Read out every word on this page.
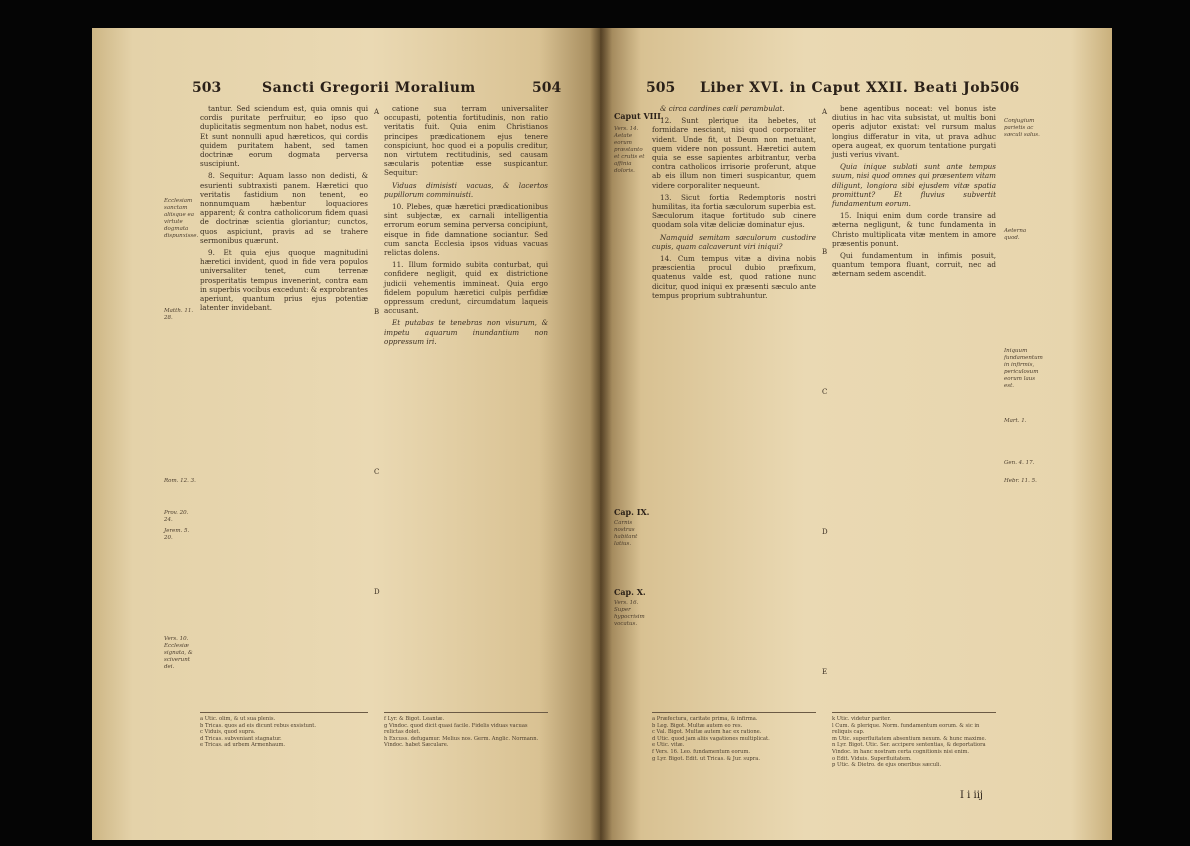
503	Sancti Gregorii Moralium	504
Ecclesiam sanctam aliisque ea virtute dogmata dispunxisse.
Matth. 11. 28.
Rom. 12. 3.
Prov. 20. 24.
Jerem. 5. 20.
Vers. 10. Ecclesiæ signata, & sciverunt dei.

tantur. Sed sciendum est, quia omnis qui cordis puritate perfruitur, eo ipso quo duplicitatis segmentum non habet, nodus est. Et sunt nonnulli apud hæreticos, qui cordis quidem puritatem habent, sed tamen doctrinæ eorum dogmata perversa suscipiunt.

8. Sequitur: Aquam lasso non dedisti, & esurienti subtraxisti panem. Hæretici quo veritatis fastidium non tenent, eo nonnumquam hæbentur loquaciores apparent; & contra catholicorum fidem quasi de doctrinæ scientia gloriantur; cunctos, quos aspiciunt, pravis ad se trahere sermonibus quærunt.

9. Et quia ejus quoque magnitudini hæretici invident, quod in fide vera populos universaliter tenet, cum terrenæ prosperitatis tempus invenerint, contra eam in superbis vocibus excedunt: & exprobrantes aperiunt, quantum prius ejus potentiæ latenter invidebant.

catione sua terram universaliter occupasti, potentia fortitudinis, non ratio veritatis fuit. Quia enim Christianos principes prædicationem ejus tenere conspiciunt, hoc quod ei a populis creditur, non virtutem rectitudinis, sed causam sæcularis potentiæ esse suspicantur. Sequitur:

Viduas dimisisti vacuas, & lacertos pupillorum comminuisti.

10. Plebes, quæ hæretici prædicationibus sint subjectæ, ex carnali intelligentia errorum eorum semina perversa concipiunt, eisque in fide damnatione sociantur. Sed cum sancta Ecclesia ipsos viduas vacuas relictas dolens.

11. Illum formido subita conturbat, qui confidere negligit, quid ex districtione judicii vehementis immineat. Quia ergo fidelem populum hæretici culpis perfidiæ oppressum credunt, circumdatum laqueis accusant.

Et putabas te tenebras non visurum, & impetu aquarum inundantium non oppressum iri.

A
B
C
D
a Utic. olim, & ut sua plenis.
b Tricas. quos ad eis dicunt rebus exsistunt.
c Viduis, quod supra.
d Tricas. subveniant stagnatur.
e Tricas. ad urbem Armenhaum.
f Lyr. & Bigot. Leantæ.
g Vindoc. quod dicit quasi facile. Fidelis viduas vacuas relictas dolet.
h Excuss. defugamur. Melius nos. Germ. Anglic. Normann. Vindoc. habet Sæculare.
505 Liber XVI. in Caput XXII. Beati Job.
506
Caput VIII.
Vers. 14. Aetate eorum præstanto et crutis et affinia doloris.
Cap. IX.
Carnis nostras habitant latius.
Cap. X.
Vers. 16. Super hypocrisim vocatus.

& circa cardines cæli perambulat.

12. Sunt plerique ita hebetes, ut formidare nesciant, nisi quod corporaliter vident. Unde fit, ut Deum non metuant, quem videre non possunt. Hæretici autem quia se esse sapientes arbitrantur, verba contra catholicos irrisorie proferunt, atque ab eis illum non timeri suspicantur, quem videre corporaliter nequeunt.

13. Sicut fortia Redemptoris nostri humilitas, ita fortia sæculorum superbia est. Sæculorum itaque fortitudo sub cinere quodam sola vitæ deliciæ dominatur ejus.

Namquid semitam sæculorum custodire cupis, quam calcaverunt viri iniqui?

14. Cum tempus vitæ a divina nobis præscientia procul dubio præfixum, quatenus valde est, quod ratione nunc dicitur, quod iniqui ex præsenti sæculo ante tempus proprium subtrahuntur.

A
B
C
D
E

bene agentibus noceat: vel bonus iste diutius in hac vita subsistat, ut multis boni operis adjutor existat: vel rursum malus longius differatur in vita, ut prava adhuc opera augeat, ex quorum tentatione purgati justi verius vivant.

Quia inique sublati sunt ante tempus suum, nisi quod omnes qui præsentem vitam diligunt, longiora sibi ejusdem vitæ spatia promittunt? Et fluvius subvertit fundamentum eorum.

15. Iniqui enim dum corde transire ad æterna negligunt, & tunc fundamenta in Christo multiplicata vitæ mentem in amore præsentis ponunt.

Qui fundamentum in infimis posuit, quantum tempora fluant, corruit, nec ad æternam sedem ascendit.

Conjugium parietis ac sæculi salus.
Aeterna quod.
Iniquum fundamentum in infirmis, periculosum eorum laus est.
Mart. 1.
Gen. 4. 17.
Hebr. 11. 5.
a Præfectura, caritate prima, & infirma.
b Leg. Bigot. Multæ autem eo res.
c Val. Bigot. Multæ autem hac ex ratione.
d Utic. quod jam aliis vagationes multiplicat.
e Utic. vitæ.
f Vers. 16. Leo. fundamentum eorum.
g Lyr. Bigot. Edit. ut Tricas. & Jur. supra.
k Utic. videtur pariter.
l Cum. & plerique. Norm. fundamentum eorum. & sic in reliquis cap.
m Utic. superfluitatem absentium nexum. & hunc maxime.
n Lyr. Bigot. Utic. Ser. accipere sententias, & deportatiora Vindoc. in hanc nostram certa cognitionis nisi enim.
o Edit. Viduis. Superfluitatem.
p Utic. & Dietro. de ejus oneribus sæculi.
I i iij
